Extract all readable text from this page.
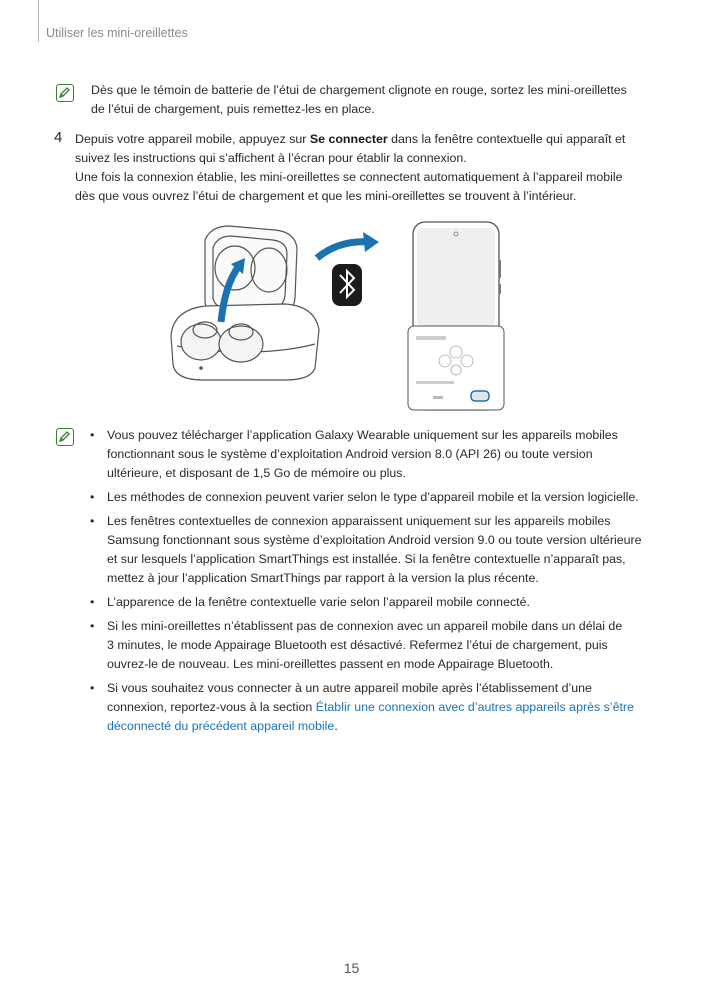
Utiliser les mini-oreillettes
Dès que le témoin de batterie de l’étui de chargement clignote en rouge, sortez les mini-oreillettes
de l’étui de chargement, puis remettez-les en place.
4 Depuis votre appareil mobile, appuyez sur Se connecter dans la fenêtre contextuelle qui apparaît et
suivez les instructions qui s’affichent à l’écran pour établir la connexion.
Une fois la connexion établie, les mini-oreillettes se connectent automatiquement à l’appareil mobile
dès que vous ouvrez l’étui de chargement et que les mini-oreillettes se trouvent à l’intérieur.
• Vous pouvez télécharger l’application Galaxy Wearable uniquement sur les appareils mobiles
fonctionnant sous le système d’exploitation Android version 8.0 (API 26) ou toute version
ultérieure, et disposant de 1,5 Go de mémoire ou plus.
• Les méthodes de connexion peuvent varier selon le type d’appareil mobile et la version logicielle.
• Les fenêtres contextuelles de connexion apparaissent uniquement sur les appareils mobiles
Samsung fonctionnant sous système d’exploitation Android version 9.0 ou toute version ultérieure
et sur lesquels l’application SmartThings est installée. Si la fenêtre contextuelle n’apparaît pas,
mettez à jour l’application SmartThings par rapport à la version la plus récente.
• L’apparence de la fenêtre contextuelle varie selon l’appareil mobile connecté.
• Si les mini-oreillettes n’établissent pas de connexion avec un appareil mobile dans un délai de
3 minutes, le mode Appairage Bluetooth est désactivé. Refermez l’étui de chargement, puis
ouvrez-le de nouveau. Les mini-oreillettes passent en mode Appairage Bluetooth.
• Si vous souhaitez vous connecter à un autre appareil mobile après l’établissement d’une
connexion, reportez-vous à la section Établir une connexion avec d’autres appareils après s’être
déconnecté du précédent appareil mobile.
15
